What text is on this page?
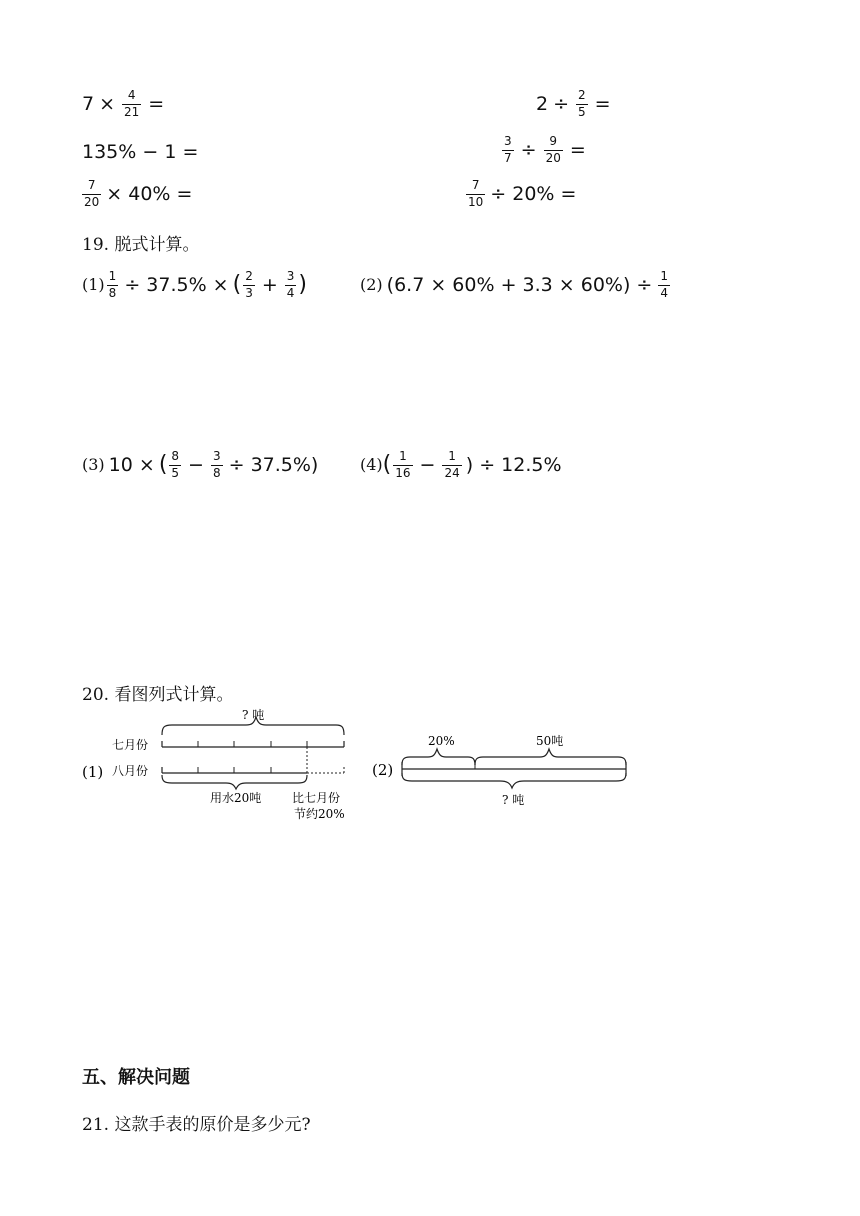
$7 \times \frac{4}{21}$ =	$2 \div \frac{2}{5}$ =
135% − 1 =	$\frac{3}{7} \div \frac{9}{20}$ =
$\frac{7}{20} \times 40\%$ =	$\frac{7}{10} \div 20\%$ =
19. 脱式计算。
$(1) \frac{1}{8} \div 37.5\%$ × ( $\frac{2}{3} + \frac{3}{4}$ )	(2) $(6.7 \times 60\% + 3.3 \times 60\%) \div \frac{1}{4}$
(3) 10 × ( $\frac{8}{5} - \frac{3}{8} \div 37.5\%$)	(4) ( $\frac{1}{16} - \frac{1}{24}$ ) ÷ 12.5%
20. 看图列式计算。
? 吨
七月份
(1) 八月份
用水20吨	比七月份
节约20%
(2)
20%	50吨
? 吨
五、解决问题
21. 这款手表的原价是多少元?
